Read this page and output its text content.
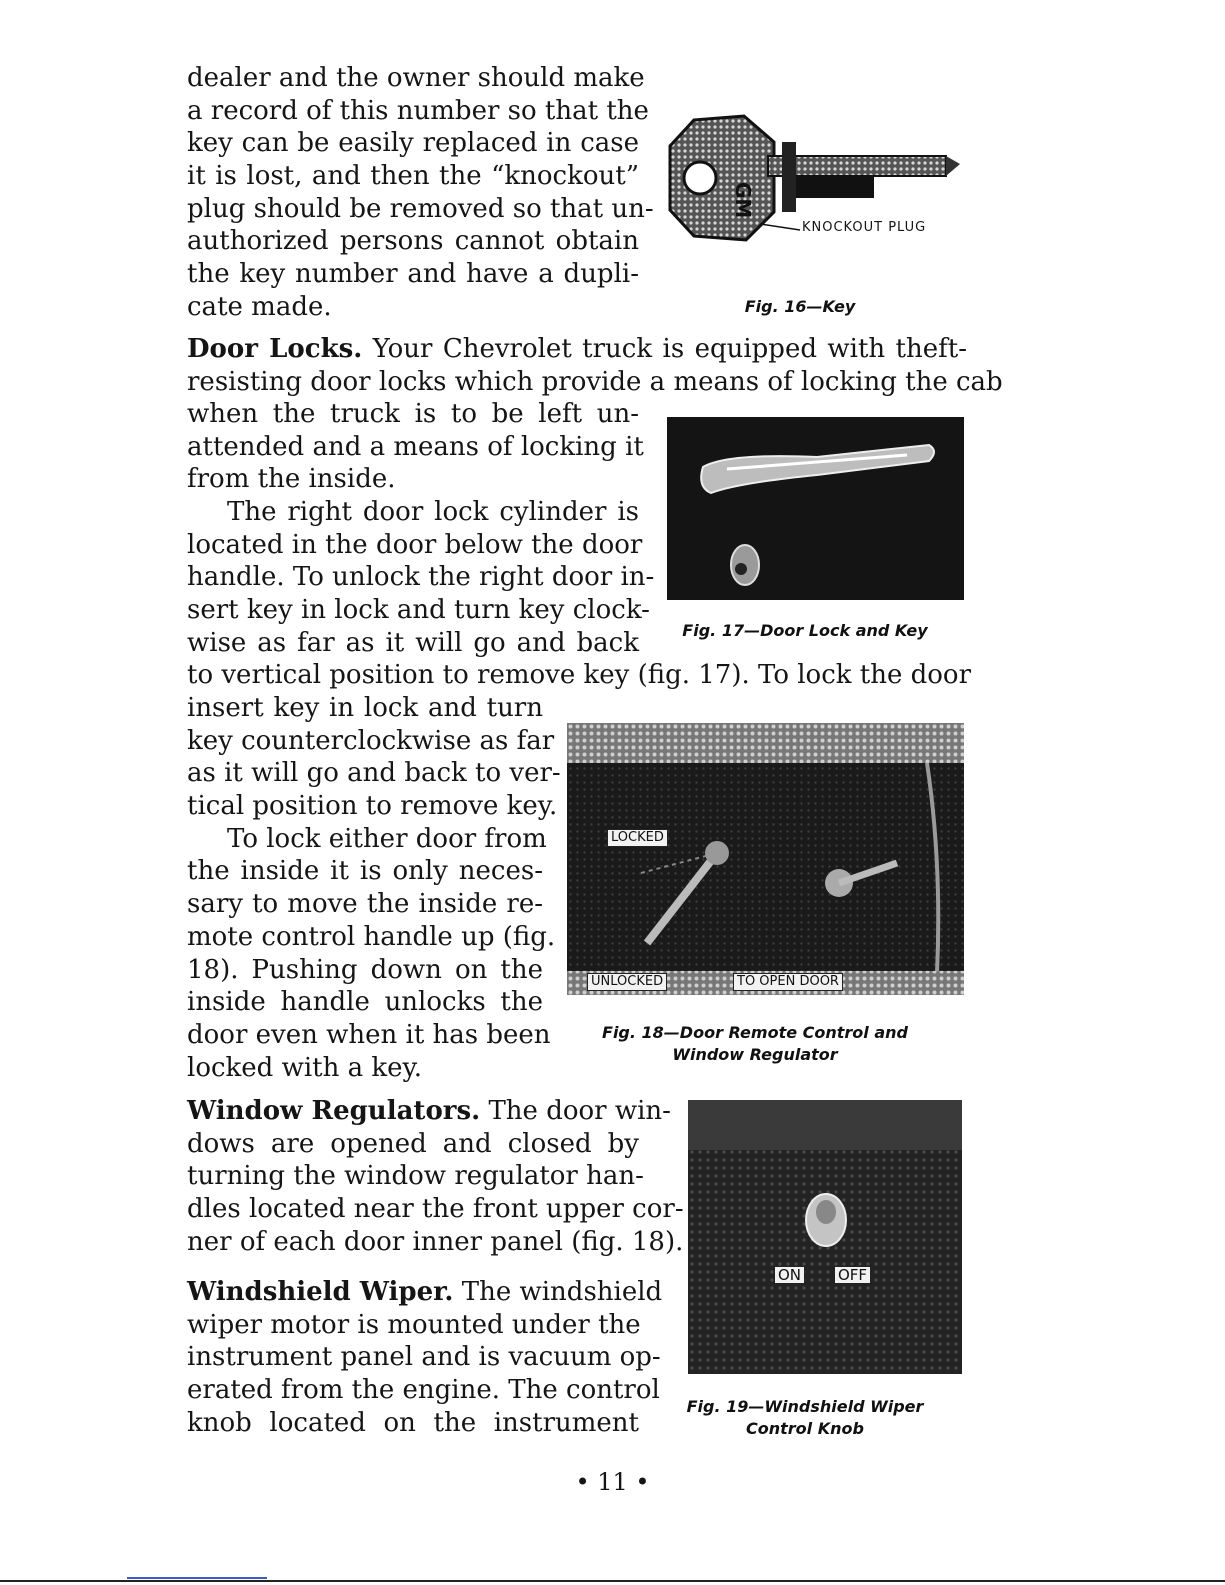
dealer and the owner should make
a record of this number so that the
key can be easily replaced in case
it is lost, and then the “knockout”
plug should be removed so that un-
authorized persons cannot obtain
the key number and have a dupli-
cate made.
GM
KNOCKOUT PLUG
Fig. 16—Key
Door Locks. Your Chevrolet truck is equipped with theft-
resisting door locks which provide a means of locking the cab
when the truck is to be left un-
attended and a means of locking it
from the inside.
The right door lock cylinder is
located in the door below the door
handle. To unlock the right door in-
sert key in lock and turn key clock-
wise as far as it will go and back	Fig. 17—Door Lock and Key
to vertical position to remove key (fig. 17). To lock the door
insert key in lock and turn
key counterclockwise as far
as it will go and back to ver-
tical position to remove key.
To lock either door from
the inside it is only neces-
sary to move the inside re-
mote control handle up (fig.
18). Pushing down on the
inside handle unlocks the
door even when it has been
locked with a key.
LOCKED
UNLOCKED	TO OPEN DOOR
Fig. 18—Door Remote Control and
Window Regulator
Window Regulators. The door win-
dows are opened and closed by
turning the window regulator han-
dles located near the front upper cor-
ner of each door inner panel (fig. 18).
Windshield Wiper. The windshield
wiper motor is mounted under the
instrument panel and is vacuum op-
erated from the engine. The control
knob located on the instrument
ON OFF
Fig. 19—Windshield Wiper
Control Knob
• 11 •
